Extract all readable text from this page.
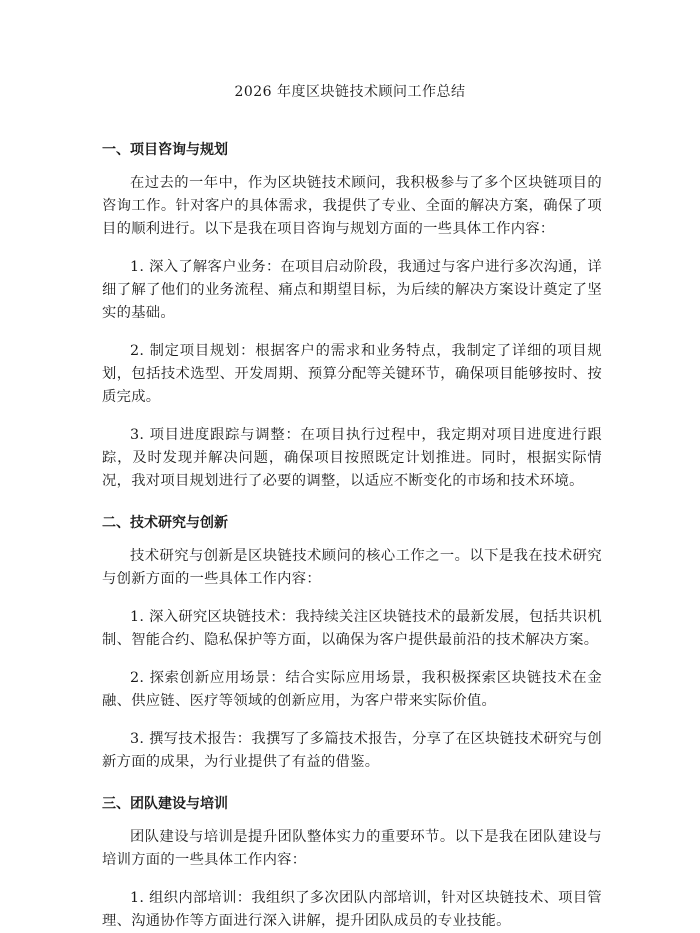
2026 年度区块链技术顾问工作总结
一、项目咨询与规划

在过去的一年中，作为区块链技术顾问，我积极参与了多个区块链项目的咨询工作。针对客户的具体需求，我提供了专业、全面的解决方案，确保了项目的顺利进行。以下是我在项目咨询与规划方面的一些具体工作内容：

1. 深入了解客户业务：在项目启动阶段，我通过与客户进行多次沟通，详细了解了他们的业务流程、痛点和期望目标，为后续的解决方案设计奠定了坚实的基础。

2. 制定项目规划：根据客户的需求和业务特点，我制定了详细的项目规划，包括技术选型、开发周期、预算分配等关键环节，确保项目能够按时、按质完成。

3. 项目进度跟踪与调整：在项目执行过程中，我定期对项目进度进行跟踪，及时发现并解决问题，确保项目按照既定计划推进。同时，根据实际情况，我对项目规划进行了必要的调整，以适应不断变化的市场和技术环境。

二、技术研究与创新

技术研究与创新是区块链技术顾问的核心工作之一。以下是我在技术研究与创新方面的一些具体工作内容：

1. 深入研究区块链技术：我持续关注区块链技术的最新发展，包括共识机制、智能合约、隐私保护等方面，以确保为客户提供最前沿的技术解决方案。

2. 探索创新应用场景：结合实际应用场景，我积极探索区块链技术在金融、供应链、医疗等领域的创新应用，为客户带来实际价值。

3. 撰写技术报告：我撰写了多篇技术报告，分享了在区块链技术研究与创新方面的成果，为行业提供了有益的借鉴。

三、团队建设与培训

团队建设与培训是提升团队整体实力的重要环节。以下是我在团队建设与培训方面的一些具体工作内容：

1. 组织内部培训：我组织了多次团队内部培训，针对区块链技术、项目管理、沟通协作等方面进行深入讲解，提升团队成员的专业技能。
